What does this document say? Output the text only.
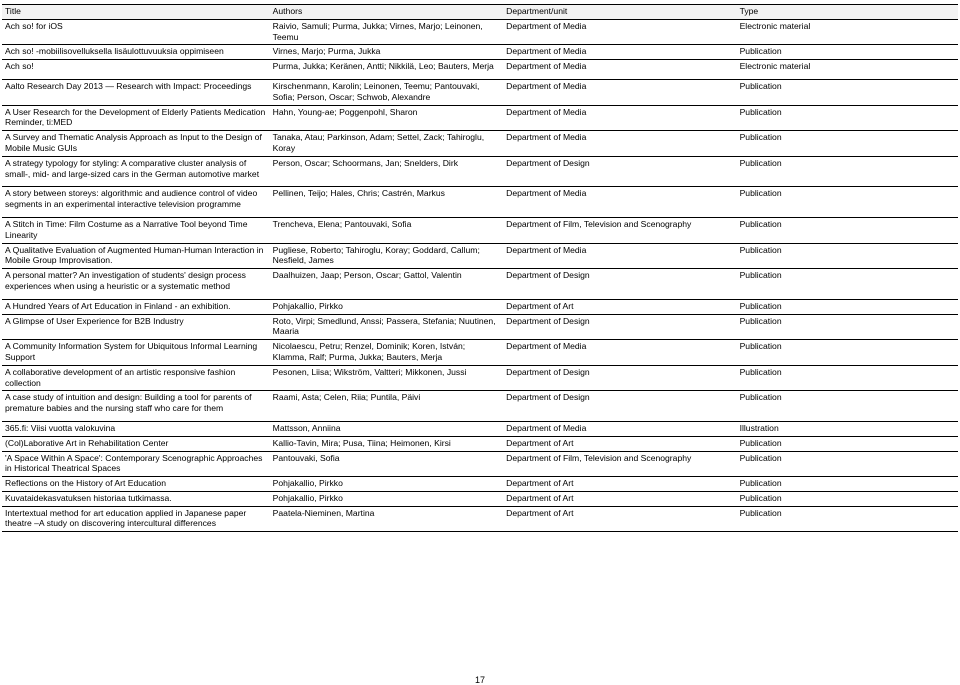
Title	Authors	Department/unit	Type
Ach so! for iOS	Raivio, Samuli; Purma, Jukka; Virnes, Marjo; Leinonen, Teemu	Department of Media	Electronic material
Ach so! -mobiilisovelluksella lisäulottuvuuksia oppimiseen	Virnes, Marjo; Purma, Jukka	Department of Media	Publication
Ach so!	Purma, Jukka; Keränen, Antti; Nikkilä, Leo; Bauters, Merja	Department of Media	Electronic material
Aalto Research Day 2013 ― Research with Impact: Proceedings	Kirschenmann, Karolin; Leinonen, Teemu; Pantouvaki, Sofia; Person, Oscar; Schwob, Alexandre	Department of Media	Publication
A User Research for the Development of Elderly Patients Medication Reminder, ti:MED	Hahn, Young-ae; Poggenpohl, Sharon	Department of Media	Publication
A Survey and Thematic Analysis Approach as Input to the Design of Mobile Music GUIs	Tanaka, Atau; Parkinson, Adam; Settel, Zack; Tahiroglu, Koray	Department of Media	Publication
A strategy typology for styling: A comparative cluster analysis of small-, mid- and large-sized cars in the German automotive market	Person, Oscar; Schoormans, Jan; Snelders, Dirk	Department of Design	Publication
A story between storeys: algorithmic and audience control of video segments in an experimental interactive television programme	Pellinen, Teijo; Hales, Chris; Castrén, Markus	Department of Media	Publication
A Stitch in Time: Film Costume as a Narrative Tool beyond Time Linearity	Trencheva, Elena; Pantouvaki, Sofia	Department of Film, Television and Scenography	Publication
A Qualitative Evaluation of Augmented Human-Human Interaction in Mobile Group Improvisation.	Pugliese, Roberto; Tahiroglu, Koray; Goddard, Callum; Nesfield, James	Department of Media	Publication
A personal matter? An investigation of students' design process experiences when using a heuristic or a systematic method	Daalhuizen, Jaap; Person, Oscar; Gattol, Valentin	Department of Design	Publication
A Hundred Years of Art Education in Finland - an exhibition.	Pohjakallio, Pirkko	Department of Art	Publication
A Glimpse of User Experience for B2B Industry	Roto, Virpi; Smedlund, Anssi; Passera, Stefania; Nuutinen, Maaria	Department of Design	Publication
A Community Information System for Ubiquitous Informal Learning Support	Nicolaescu, Petru; Renzel, Dominik; Koren, István; Klamma, Ralf; Purma, Jukka; Bauters, Merja	Department of Media	Publication
A collaborative development of an artistic responsive fashion collection	Pesonen, Liisa; Wikström, Valtteri; Mikkonen, Jussi	Department of Design	Publication
A case study of intuition and design: Building a tool for parents of premature babies and the nursing staff who care for them	Raami, Asta; Celen, Riia; Puntila, Päivi	Department of Design	Publication
365.fi: Viisi vuotta valokuvina	Mattsson, Anniina	Department of Media	Illustration
(Col)Laborative Art in Rehabilitation Center	Kallio-Tavin, Mira; Pusa, Tiina; Heimonen, Kirsi	Department of Art	Publication
'A Space Within A Space': Contemporary Scenographic Approaches in Historical Theatrical Spaces	Pantouvaki, Sofia	Department of Film, Television and Scenography	Publication
Reflections on the History of Art Education	Pohjakallio, Pirkko	Department of Art	Publication
Kuvataidekasvatuksen historiaa tutkimassa.	Pohjakallio, Pirkko	Department of Art	Publication
Intertextual method for art education applied in Japanese paper theatre –A study on discovering intercultural differences	Paatela-Nieminen, Martina	Department of Art	Publication
17
